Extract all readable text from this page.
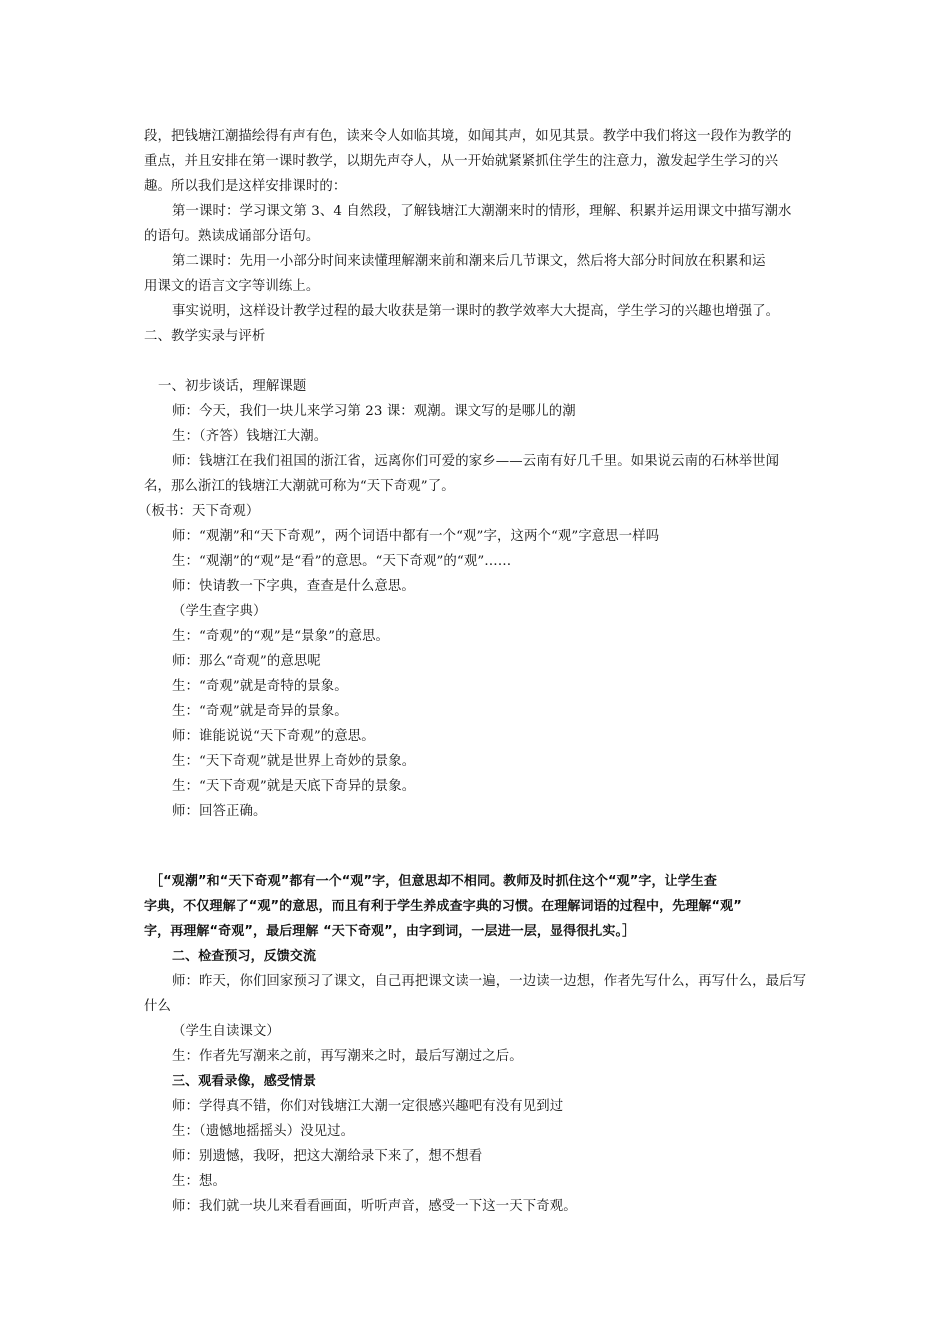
段，把钱塘江潮描绘得有声有色，读来令人如临其境，如闻其声，如见其景。教学中我们将这一段作为教学的
重点，并且安排在第一课时教学，以期先声夺人，从一开始就紧紧抓住学生的注意力，激发起学生学习的兴
趣。所以我们是这样安排课时的：
第一课时：学习课文第 3、4 自然段，了解钱塘江大潮潮来时的情形，理解、积累并运用课文中描写潮水
的语句。熟读成诵部分语句。
第二课时：先用一小部分时间来读懂理解潮来前和潮来后几节课文，然后将大部分时间放在积累和运
用课文的语言文字等训练上。
事实说明，这样设计教学过程的最大收获是第一课时的教学效率大大提高，学生学习的兴趣也增强了。
二、教学实录与评析
一、初步谈话，理解课题
师：今天，我们一块儿来学习第 23 课：观潮。课文写的是哪儿的潮
生：（齐答）钱塘江大潮。
师：钱塘江在我们祖国的浙江省，远离你们可爱的家乡——云南有好几千里。如果说云南的石林举世闻
名，那么浙江的钱塘江大潮就可称为“天下奇观”了。
（板书：天下奇观）
师：“观潮”和“天下奇观”，两个词语中都有一个“观”字，这两个“观”字意思一样吗
生：“观潮”的“观”是“看”的意思。“天下奇观”的“观”……
师：快请教一下字典，查查是什么意思。
（学生查字典）
生：“奇观”的“观”是“景象”的意思。
师：那么“奇观”的意思呢
生：“奇观”就是奇特的景象。
生：“奇观”就是奇异的景象。
师：谁能说说“天下奇观”的意思。
生：“天下奇观”就是世界上奇妙的景象。
生：“天下奇观”就是天底下奇异的景象。
师：回答正确。
［“观潮”和“天下奇观”都有一个“观”字，但意思却不相同。教师及时抓住这个“观”字，让学生查
字典，不仅理解了“观”的意思，而且有利于学生养成查字典的习惯。在理解词语的过程中，先理解“观”
字，再理解“奇观”，最后理解 “天下奇观”，由字到词，一层进一层，显得很扎实。］
二、检查预习，反馈交流
师：昨天，你们回家预习了课文，自己再把课文读一遍，一边读一边想，作者先写什么，再写什么，最后写
什么
（学生自读课文）
生：作者先写潮来之前，再写潮来之时，最后写潮过之后。
三、观看录像，感受情景
师：学得真不错，你们对钱塘江大潮一定很感兴趣吧有没有见到过
生：（遗憾地摇摇头）没见过。
师：别遗憾，我呀，把这大潮给录下来了，想不想看
生：想。
师：我们就一块儿来看看画面，听听声音，感受一下这一天下奇观。
